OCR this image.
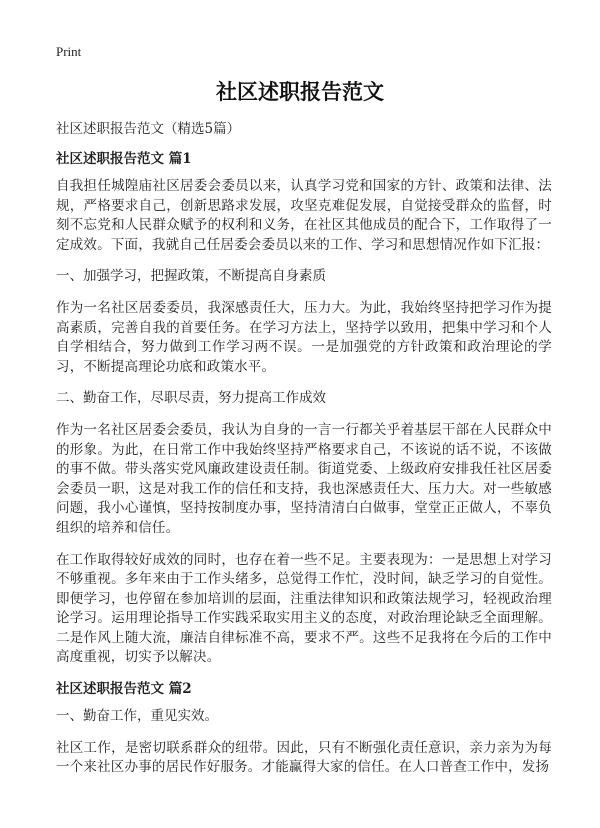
Print
社区述职报告范文
社区述职报告范文（精选5篇）
社区述职报告范文 篇1

自我担任城隍庙社区居委会委员以来，认真学习党和国家的方针、政策和法律、法规，严格要求自己，创新思路求发展，攻坚克难促发展，自觉接受群众的监督，时刻不忘党和人民群众赋予的权利和义务，在社区其他成员的配合下，工作取得了一定成效。下面，我就自己任居委会委员以来的工作、学习和思想情况作如下汇报：

一、加强学习，把握政策，不断提高自身素质

作为一名社区居委委员，我深感责任大，压力大。为此，我始终坚持把学习作为提高素质，完善自我的首要任务。在学习方法上，坚持学以致用，把集中学习和个人自学相结合，努力做到工作学习两不误。一是加强党的方针政策和政治理论的学习，不断提高理论功底和政策水平。

二、勤奋工作，尽职尽责，努力提高工作成效

作为一名社区居委会委员，我认为自身的一言一行都关乎着基层干部在人民群众中的形象。为此，在日常工作中我始终坚持严格要求自己，不该说的话不说，不该做的事不做。带头落实党风廉政建设责任制。街道党委、上级政府安排我任社区居委会委员一职，这是对我工作的信任和支持，我也深感责任大、压力大。对一些敏感问题，我小心谨慎，坚持按制度办事，坚持清清白白做事，堂堂正正做人，不辜负组织的培养和信任。

在工作取得较好成效的同时，也存在着一些不足。主要表现为：一是思想上对学习不够重视。多年来由于工作头绪多，总觉得工作忙，没时间，缺乏学习的自觉性。即便学习，也停留在参加培训的层面，注重法律知识和政策法规学习，轻视政治理论学习。运用理论指导工作实践采取实用主义的态度，对政治理论缺乏全面理解。二是作风上随大流，廉洁自律标准不高，要求不严。这些不足我将在今后的工作中高度重视，切实予以解决。

社区述职报告范文 篇2

一、勤奋工作，重见实效。

社区工作，是密切联系群众的纽带。因此，只有不断强化责任意识，亲力亲为为每一个来社区办事的居民作好服务。才能赢得大家的信任。在人口普查工作中，发扬
